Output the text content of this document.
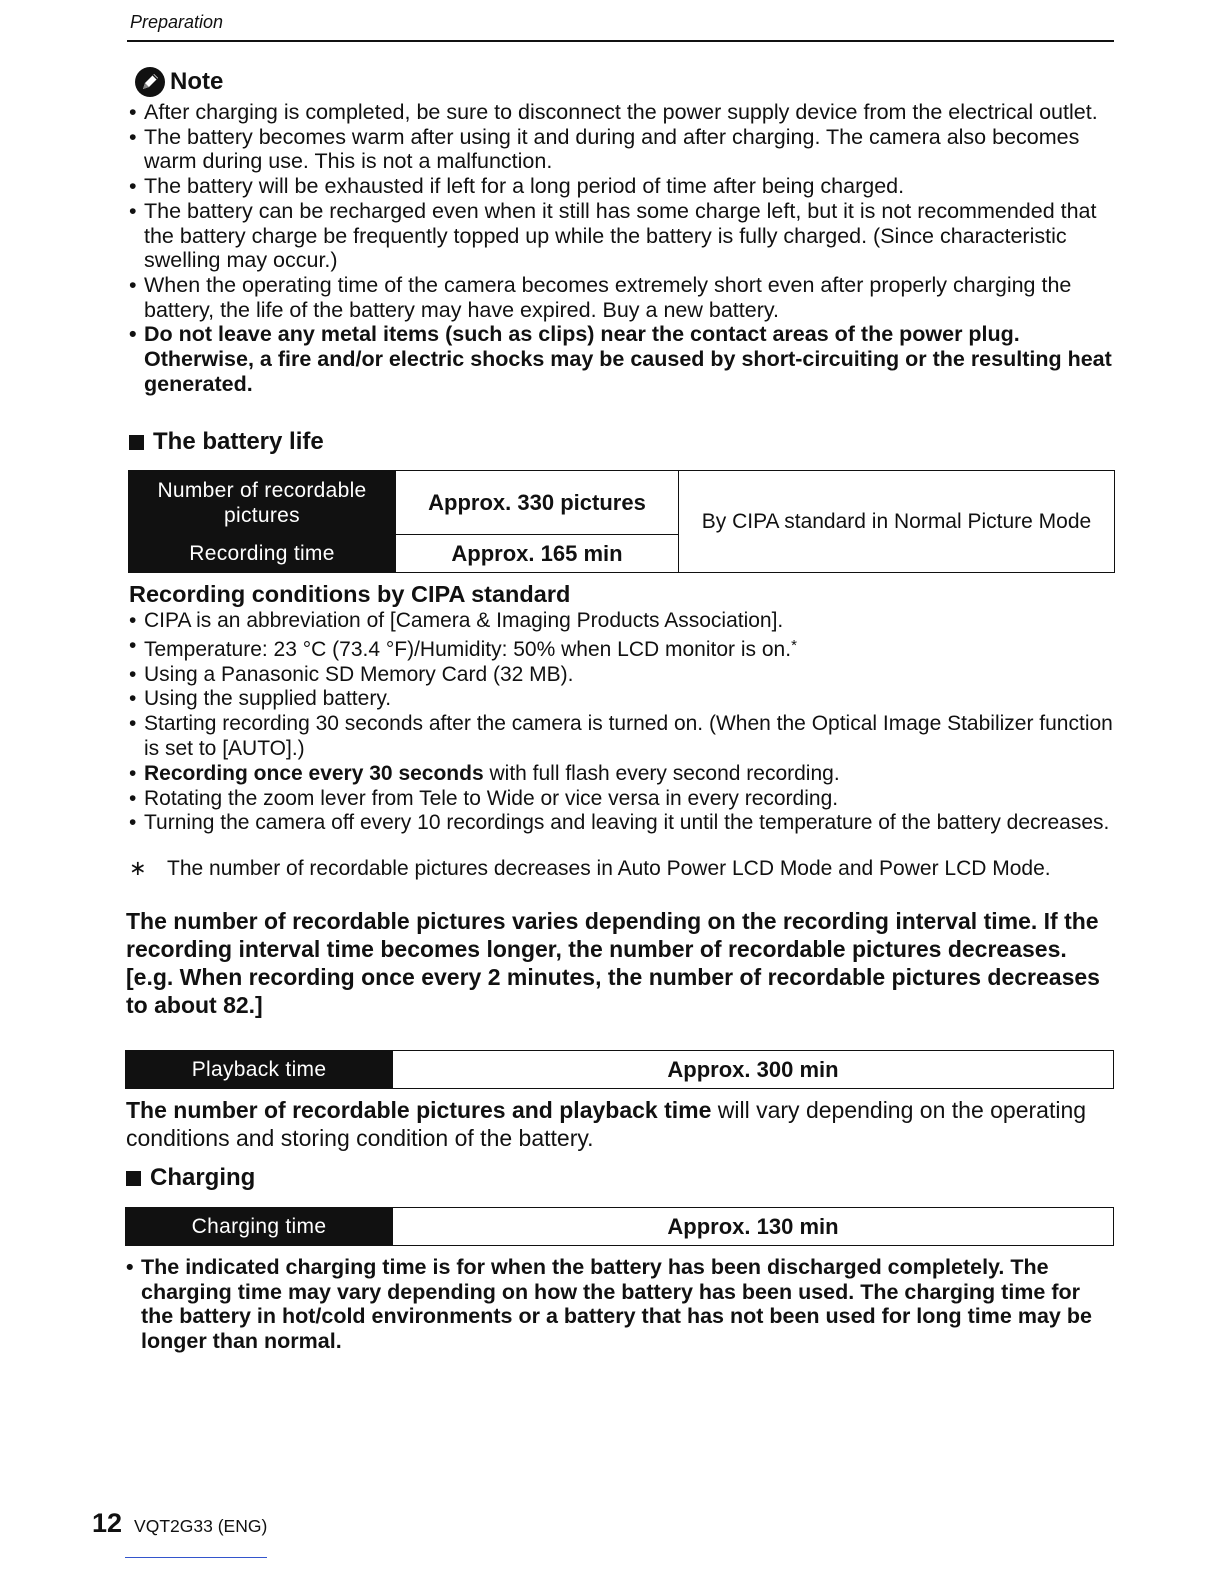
Preparation
Note
• After charging is completed, be sure to disconnect the power supply device from the electrical outlet.
• The battery becomes warm after using it and during and after charging. The camera also becomes warm during use. This is not a malfunction.
• The battery will be exhausted if left for a long period of time after being charged.
• The battery can be recharged even when it still has some charge left, but it is not recommended that the battery charge be frequently topped up while the battery is fully charged. (Since characteristic swelling may occur.)
• When the operating time of the camera becomes extremely short even after properly charging the battery, the life of the battery may have expired. Buy a new battery.
• Do not leave any metal items (such as clips) near the contact areas of the power plug. Otherwise, a fire and/or electric shocks may be caused by short-circuiting or the resulting heat generated.
The battery life
Number of recordable pictures	Approx. 330 pictures	By CIPA standard in Normal Picture Mode
Recording time	Approx. 165 min	
Recording conditions by CIPA standard
• CIPA is an abbreviation of [Camera & Imaging Products Association].
• Temperature: 23 °C (73.4 °F)/Humidity: 50% when LCD monitor is on.*
• Using a Panasonic SD Memory Card (32 MB).
• Using the supplied battery.
• Starting recording 30 seconds after the camera is turned on. (When the Optical Image Stabilizer function is set to [AUTO].)
• Recording once every 30 seconds with full flash every second recording.
• Rotating the zoom lever from Tele to Wide or vice versa in every recording.
• Turning the camera off every 10 recordings and leaving it until the temperature of the battery decreases.
∗ The number of recordable pictures decreases in Auto Power LCD Mode and Power LCD Mode.
The number of recordable pictures varies depending on the recording interval time. If the recording interval time becomes longer, the number of recordable pictures decreases. [e.g. When recording once every 2 minutes, the number of recordable pictures decreases to about 82.]
Playback time	Approx. 300 min
The number of recordable pictures and playback time will vary depending on the operating conditions and storing condition of the battery.
Charging
Charging time	Approx. 130 min
• The indicated charging time is for when the battery has been discharged completely. The charging time may vary depending on how the battery has been used. The charging time for the battery in hot/cold environments or a battery that has not been used for long time may be longer than normal.
12 VQT2G33 (ENG)
